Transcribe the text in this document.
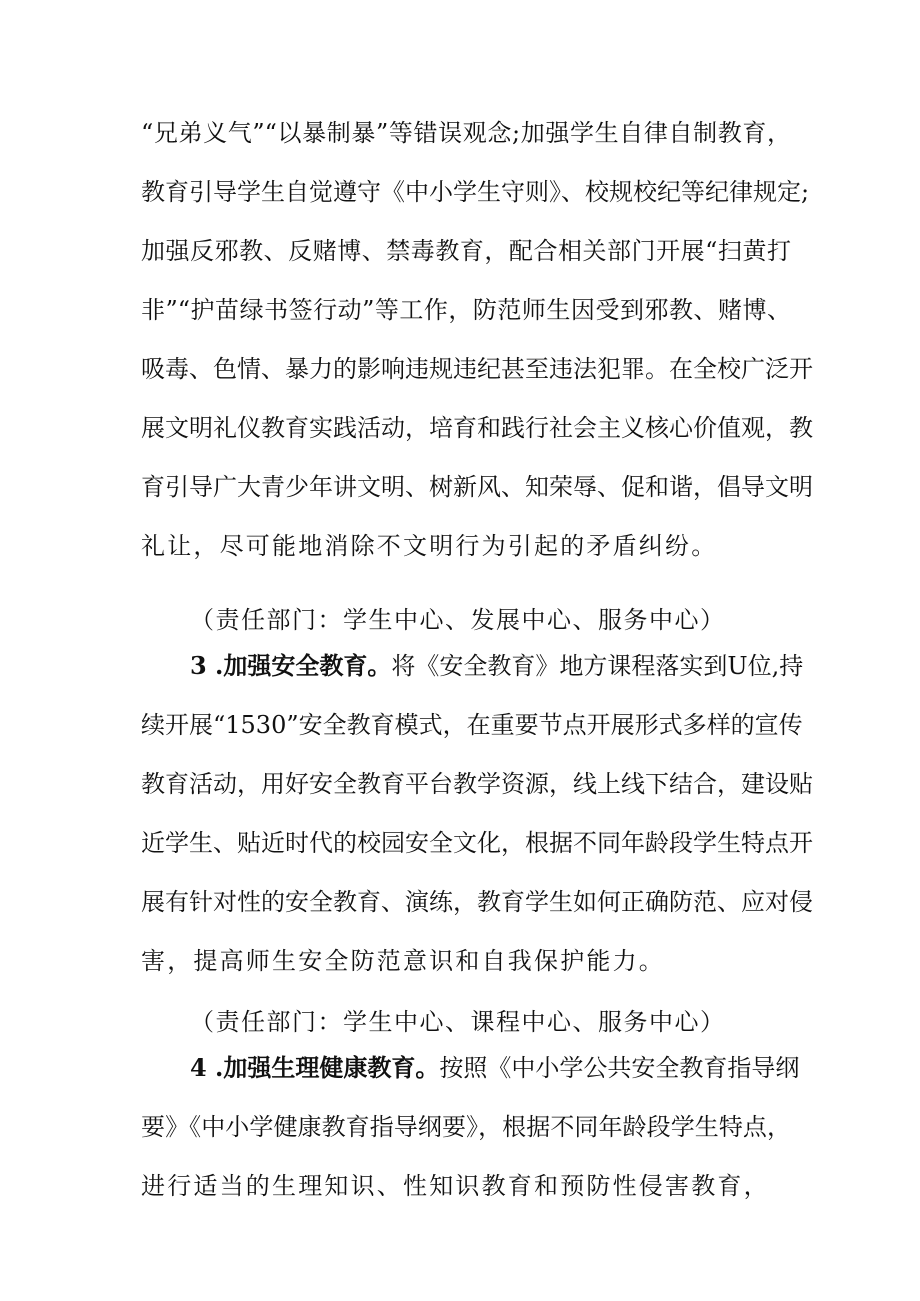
“兄弟义气”“以暴制暴”等错误观念;加强学生自律自制教育，
教育引导学生自觉遵守《中小学生守则》、校规校纪等纪律规定;
加强反邪教、反赌博、禁毒教育，配合相关部门开展“扫黄打
非”“护苗绿书签行动”等工作，防范师生因受到邪教、赌博、
吸毒、色情、暴力的影响违规违纪甚至违法犯罪。在全校广泛开
展文明礼仪教育实践活动，培育和践行社会主义核心价值观，教
育引导广大青少年讲文明、树新风、知荣辱、促和谐，倡导文明
礼让，尽可能地消除不文明行为引起的矛盾纠纷。
（责任部门：学生中心、发展中心、服务中心）
3 .加强安全教育。将《安全教育》地方课程落实到U位,持
续开展“1530”安全教育模式，在重要节点开展形式多样的宣传
教育活动，用好安全教育平台教学资源，线上线下结合，建设贴
近学生、贴近时代的校园安全文化，根据不同年龄段学生特点开
展有针对性的安全教育、演练，教育学生如何正确防范、应对侵
害，提高师生安全防范意识和自我保护能力。
（责任部门：学生中心、课程中心、服务中心）
4 .加强生理健康教育。按照《中小学公共安全教育指导纲
要》《中小学健康教育指导纲要》，根据不同年龄段学生特点，
进行适当的生理知识、性知识教育和预防性侵害教育，
